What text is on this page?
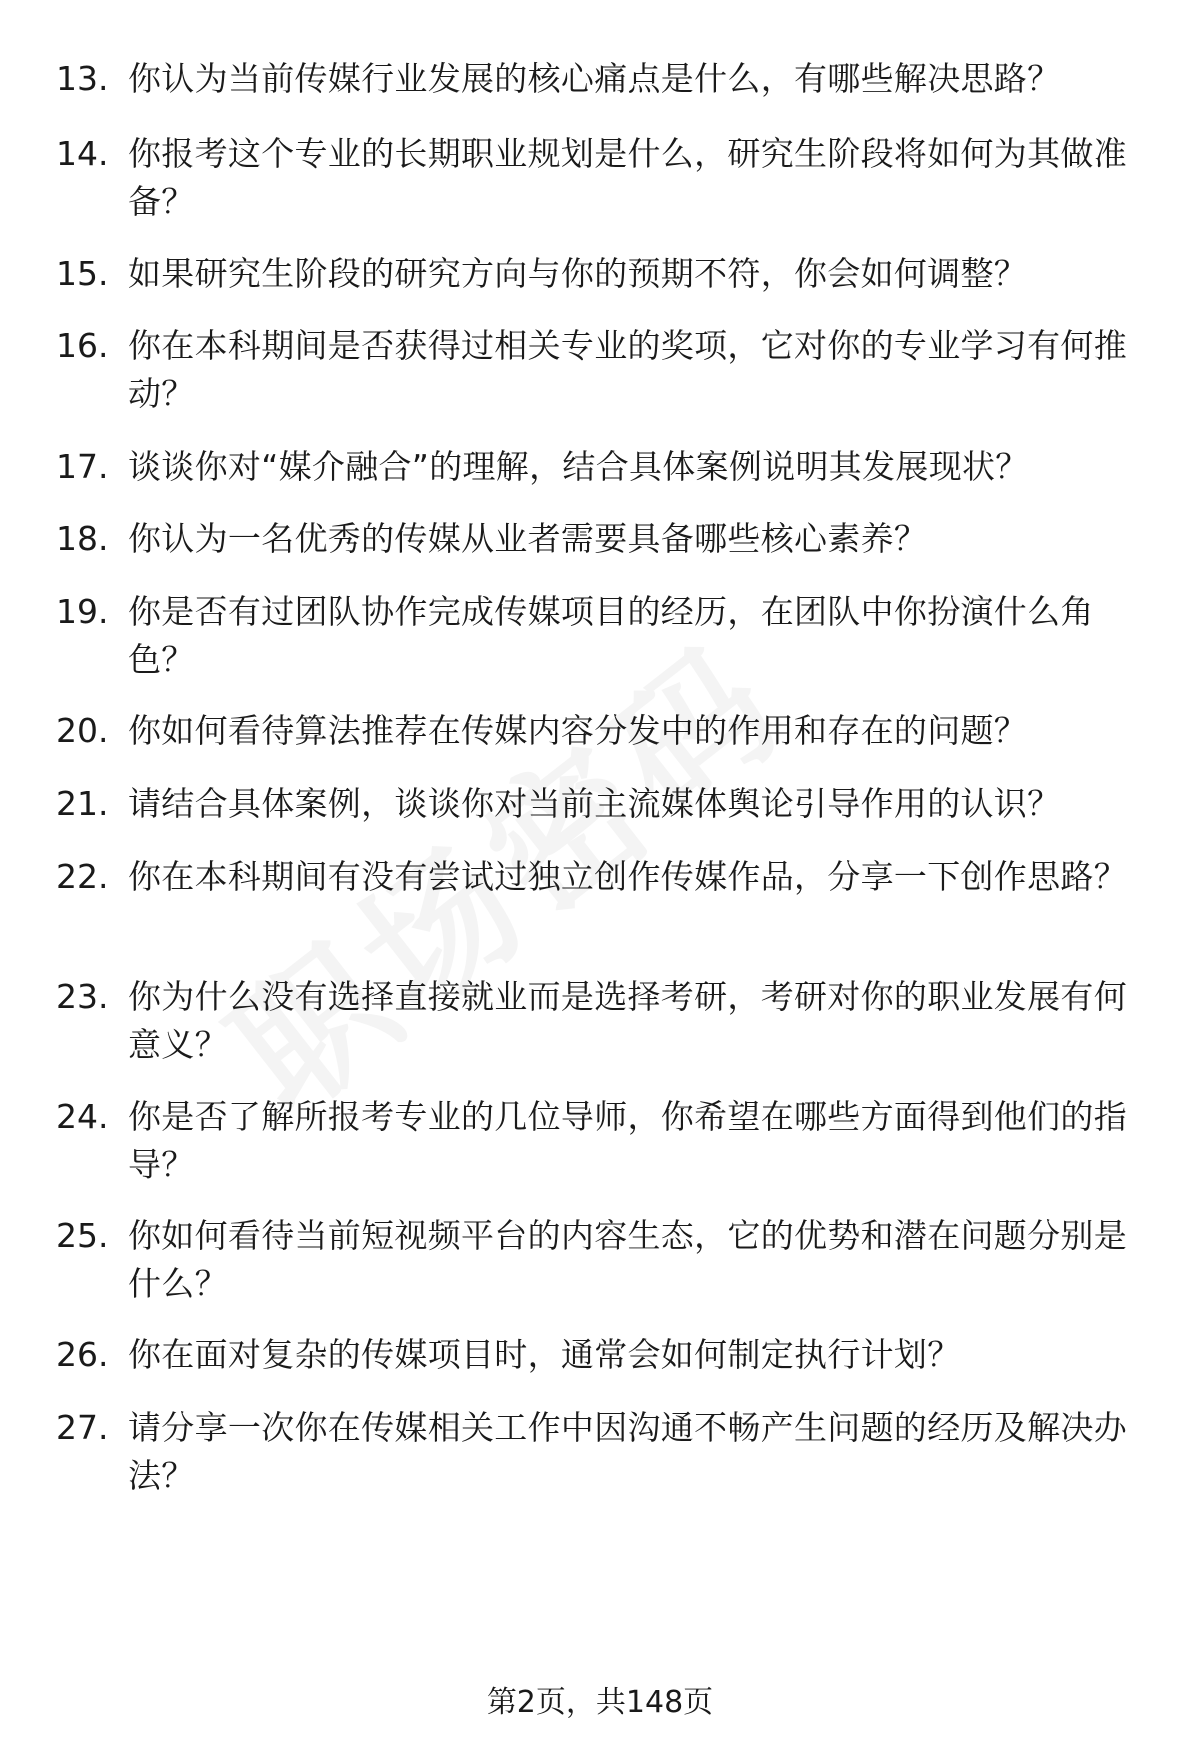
13. 你认为当前传媒行业发展的核心痛点是什么，有哪些解决思路？
14. 你报考这个专业的长期职业规划是什么，研究生阶段将如何为其做准备？
15. 如果研究生阶段的研究方向与你的预期不符，你会如何调整？
16. 你在本科期间是否获得过相关专业的奖项，它对你的专业学习有何推动？
17. 谈谈你对“媒介融合”的理解，结合具体案例说明其发展现状？
18. 你认为一名优秀的传媒从业者需要具备哪些核心素养？
19. 你是否有过团队协作完成传媒项目的经历，在团队中你扮演什么角色？
20. 你如何看待算法推荐在传媒内容分发中的作用和存在的问题？
21. 请结合具体案例，谈谈你对当前主流媒体舆论引导作用的认识？
22. 你在本科期间有没有尝试过独立创作传媒作品，分享一下创作思路？
23. 你为什么没有选择直接就业而是选择考研，考研对你的职业发展有何意义？
24. 你是否了解所报考专业的几位导师，你希望在哪些方面得到他们的指导？
25. 你如何看待当前短视频平台的内容生态，它的优势和潜在问题分别是什么？
26. 你在面对复杂的传媒项目时，通常会如何制定执行计划？
27. 请分享一次你在传媒相关工作中因沟通不畅产生问题的经历及解决办法？
第2页，共148页
